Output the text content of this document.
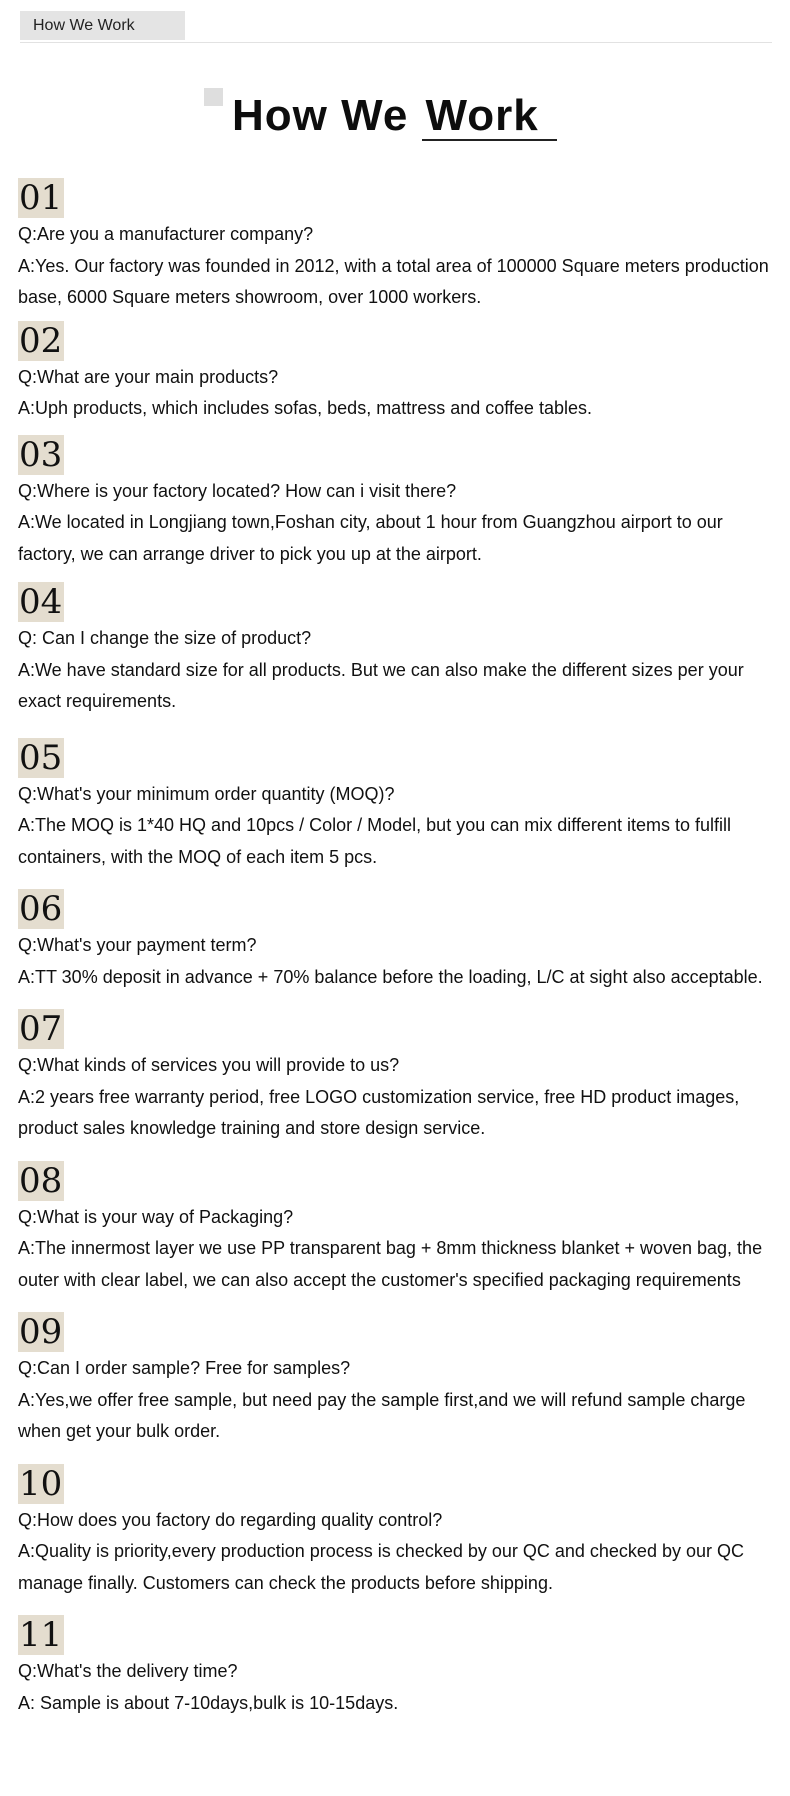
How We Work
How We Work
01
Q:Are you a manufacturer company?
A:Yes. Our factory was founded in 2012, with a total area of 100000 Square meters production base, 6000 Square meters showroom, over 1000 workers.
02
Q:What are your main products?
A:Uph products, which includes sofas, beds, mattress and coffee tables.
03
Q:Where is your factory located? How can i visit there?
A:We located in Longjiang town,Foshan city, about 1 hour from Guangzhou airport to our factory, we can arrange driver to pick you up at the airport.
04
Q: Can I change the size of product?
A:We have standard size for all products. But we can also make the different sizes per your exact requirements.
05
Q:What's your minimum order quantity (MOQ)?
A:The MOQ is 1*40 HQ and 10pcs / Color / Model, but you can mix different items to fulfill containers, with the MOQ of each item 5 pcs.
06
Q:What's your payment term?
A:TT 30% deposit in advance + 70% balance before the loading, L/C at sight also acceptable.
07
Q:What kinds of services you will provide to us?
A:2 years free warranty period, free LOGO customization service, free HD product images, product sales knowledge training and store design service.
08
Q:What is your way of Packaging?
A:The innermost layer we use PP transparent bag + 8mm thickness blanket + woven bag, the outer with clear label, we can also accept the customer's specified packaging requirements
09
Q:Can I order sample? Free for samples?
A:Yes,we offer free sample, but need pay the sample first,and we will refund sample charge when get your bulk order.
10
Q:How does you factory do regarding quality control?
A:Quality is priority,every production process is checked by our QC and checked by our QC manage finally. Customers can check the products before shipping.
11
Q:What's the delivery time?
A: Sample is about 7-10days,bulk is 10-15days.
